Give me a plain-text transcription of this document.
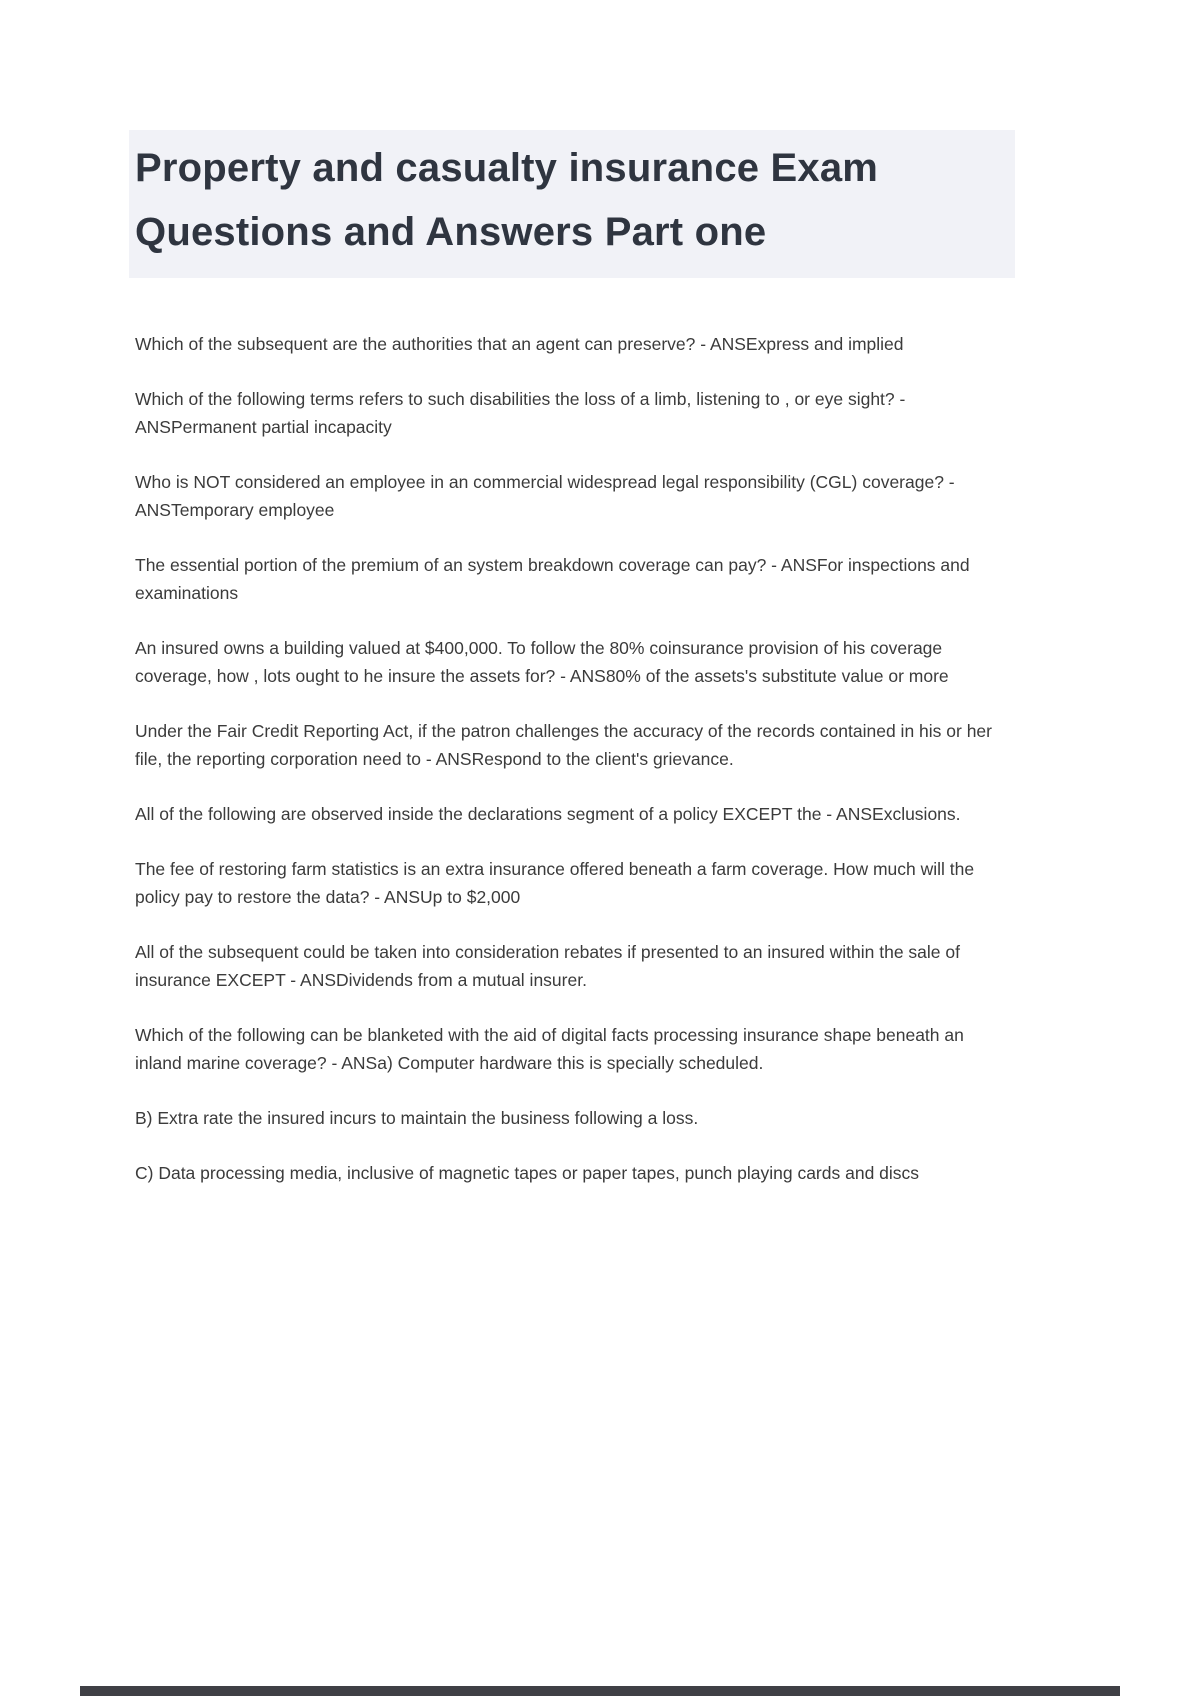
Property and casualty insurance Exam
Questions and Answers Part one

Which of the subsequent are the authorities that an agent can preserve? - ANSExpress and implied

Which of the following terms refers to such disabilities the loss of a limb, listening to , or eye sight? - ANSPermanent partial incapacity

Who is NOT considered an employee in an commercial widespread legal responsibility (CGL) coverage? - ANSTemporary employee

The essential portion of the premium of an system breakdown coverage can pay? - ANSFor inspections and examinations

An insured owns a building valued at $400,000. To follow the 80% coinsurance provision of his coverage coverage, how , lots ought to he insure the assets for? - ANS80% of the assets's substitute value or more

Under the Fair Credit Reporting Act, if the patron challenges the accuracy of the records contained in his or her file, the reporting corporation need to - ANSRespond to the client's grievance.

All of the following are observed inside the declarations segment of a policy EXCEPT the - ANSExclusions.

The fee of restoring farm statistics is an extra insurance offered beneath a farm coverage. How much will the policy pay to restore the data? - ANSUp to $2,000

All of the subsequent could be taken into consideration rebates if presented to an insured within the sale of insurance EXCEPT - ANSDividends from a mutual insurer.

Which of the following can be blanketed with the aid of digital facts processing insurance shape beneath an inland marine coverage? - ANSa) Computer hardware this is specially scheduled.

B) Extra rate the insured incurs to maintain the business following a loss.

C) Data processing media, inclusive of magnetic tapes or paper tapes, punch playing cards and discs
